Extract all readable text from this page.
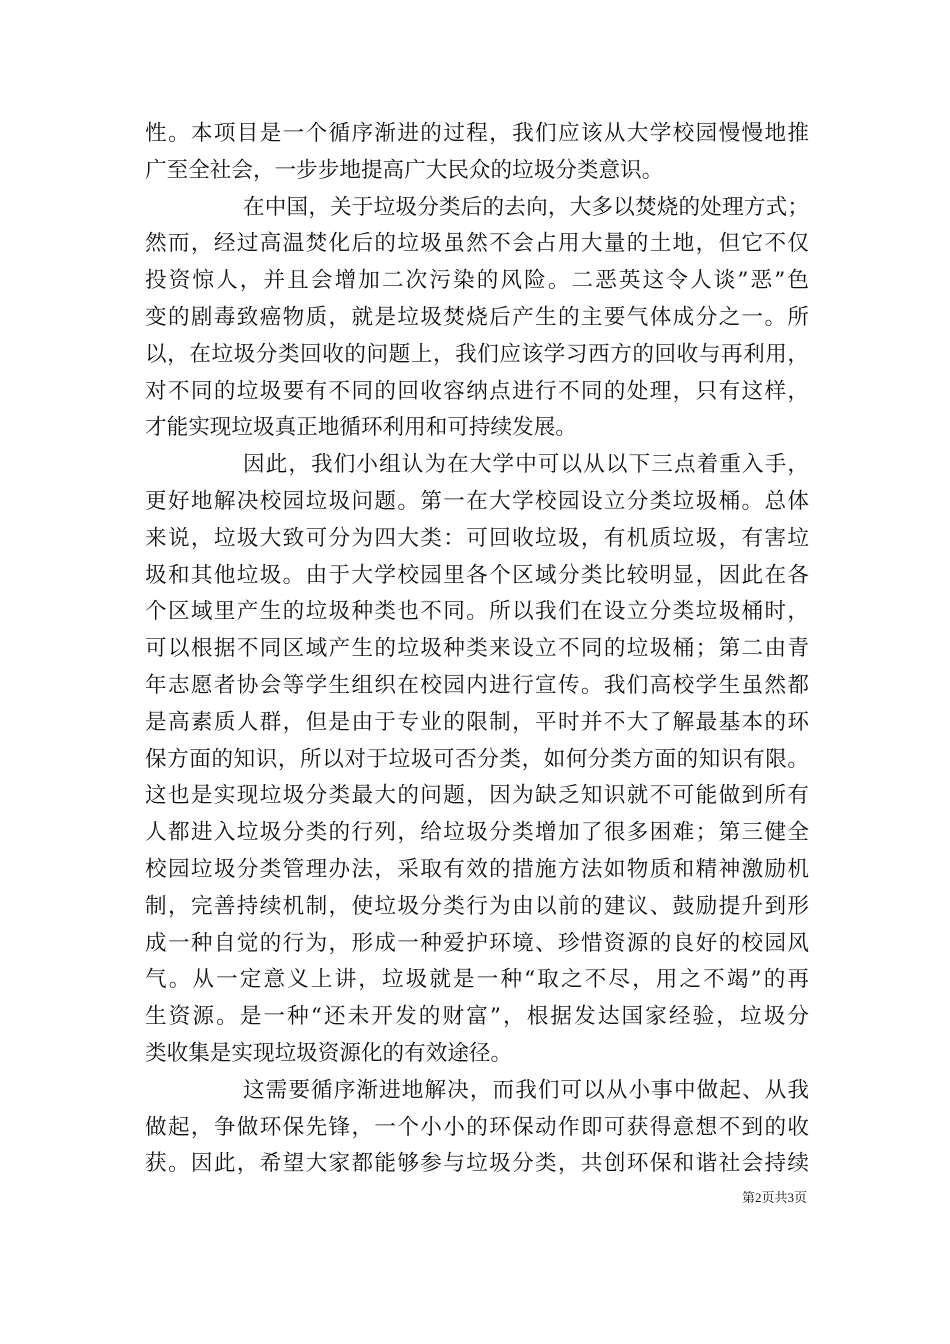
性。本项目是一个循序渐进的过程，我们应该从大学校园慢慢地推
广至全社会，一步步地提高广大民众的垃圾分类意识。
在中国，关于垃圾分类后的去向，大多以焚烧的处理方式；
然而，经过高温焚化后的垃圾虽然不会占用大量的土地，但它不仅
投资惊人，并且会增加二次污染的风险。二恶英这令人谈”恶”色
变的剧毒致癌物质，就是垃圾焚烧后产生的主要气体成分之一。所
以，在垃圾分类回收的问题上，我们应该学习西方的回收与再利用，
对不同的垃圾要有不同的回收容纳点进行不同的处理，只有这样，
才能实现垃圾真正地循环利用和可持续发展。
因此，我们小组认为在大学中可以从以下三点着重入手，
更好地解决校园垃圾问题。第一在大学校园设立分类垃圾桶。总体
来说，垃圾大致可分为四大类：可回收垃圾，有机质垃圾，有害垃
圾和其他垃圾。由于大学校园里各个区域分类比较明显，因此在各
个区域里产生的垃圾种类也不同。所以我们在设立分类垃圾桶时，
可以根据不同区域产生的垃圾种类来设立不同的垃圾桶；第二由青
年志愿者协会等学生组织在校园内进行宣传。我们高校学生虽然都
是高素质人群，但是由于专业的限制，平时并不大了解最基本的环
保方面的知识，所以对于垃圾可否分类，如何分类方面的知识有限。
这也是实现垃圾分类最大的问题，因为缺乏知识就不可能做到所有
人都进入垃圾分类的行列，给垃圾分类增加了很多困难；第三健全
校园垃圾分类管理办法，采取有效的措施方法如物质和精神激励机
制，完善持续机制，使垃圾分类行为由以前的建议、鼓励提升到形
成一种自觉的行为，形成一种爱护环境、珍惜资源的良好的校园风
气。从一定意义上讲，垃圾就是一种“取之不尽，用之不竭”的再
生资源。是一种“还未开发的财富”，根据发达国家经验，垃圾分
类收集是实现垃圾资源化的有效途径。
这需要循序渐进地解决，而我们可以从小事中做起、从我
做起，争做环保先锋，一个小小的环保动作即可获得意想不到的收
获。因此，希望大家都能够参与垃圾分类，共创环保和谐社会持续
第2页共3页
